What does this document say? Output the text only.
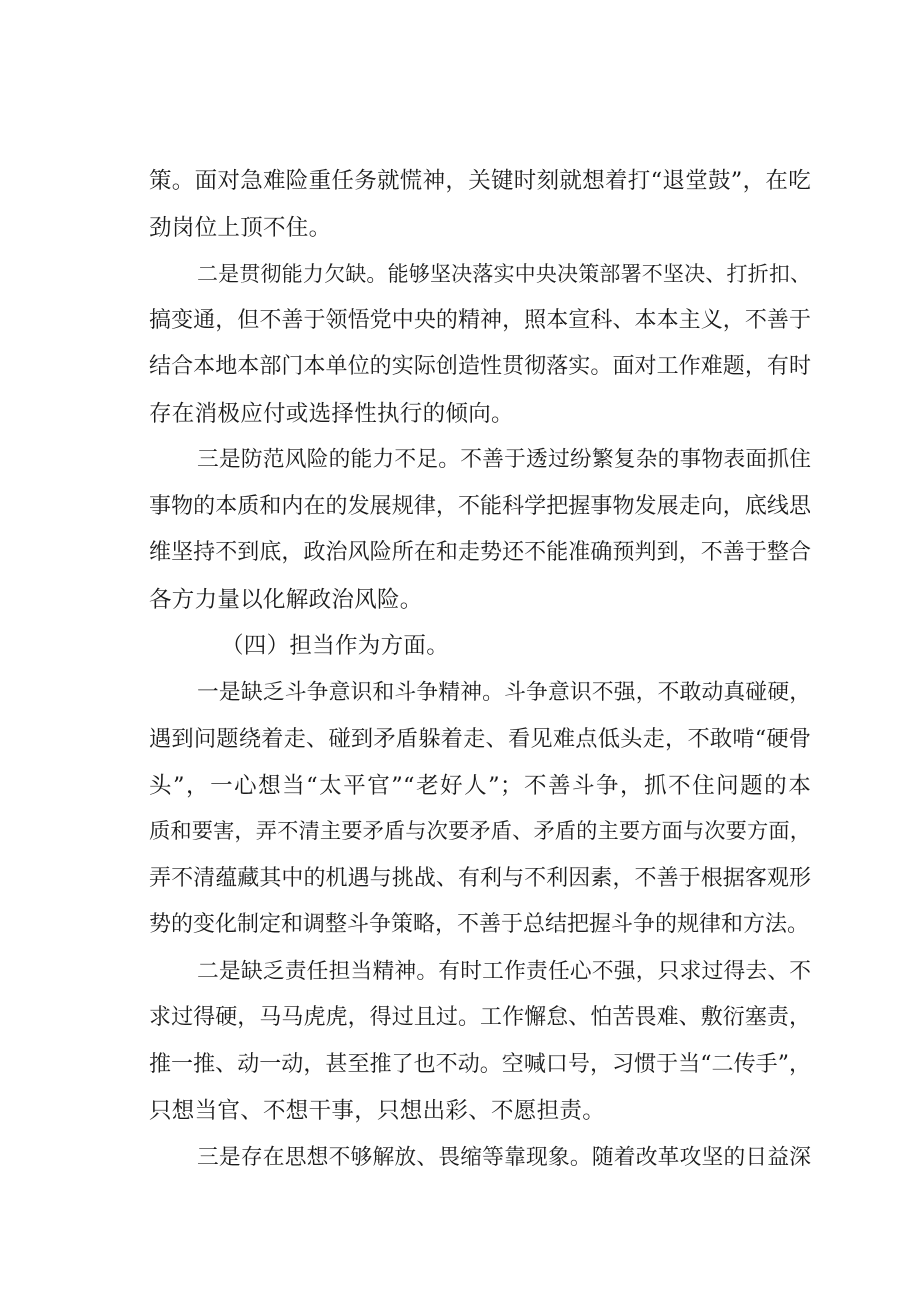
策。面对急难险重任务就慌神，关键时刻就想着打“退堂鼓”，在吃
劲岗位上顶不住。

二是贯彻能力欠缺。能够坚决落实中央决策部署不坚决、打折扣、
搞变通，但不善于领悟党中央的精神，照本宣科、本本主义，不善于
结合本地本部门本单位的实际创造性贯彻落实。面对工作难题，有时
存在消极应付或选择性执行的倾向。

三是防范风险的能力不足。不善于透过纷繁复杂的事物表面抓住
事物的本质和内在的发展规律，不能科学把握事物发展走向，底线思
维坚持不到底，政治风险所在和走势还不能准确预判到，不善于整合
各方力量以化解政治风险。

（四）担当作为方面。

一是缺乏斗争意识和斗争精神。斗争意识不强，不敢动真碰硬，
遇到问题绕着走、碰到矛盾躲着走、看见难点低头走，不敢啃“硬骨
头”，一心想当“太平官”“老好人”；不善斗争，抓不住问题的本
质和要害，弄不清主要矛盾与次要矛盾、矛盾的主要方面与次要方面，
弄不清蕴藏其中的机遇与挑战、有利与不利因素，不善于根据客观形
势的变化制定和调整斗争策略，不善于总结把握斗争的规律和方法。

二是缺乏责任担当精神。有时工作责任心不强，只求过得去、不
求过得硬，马马虎虎，得过且过。工作懈怠、怕苦畏难、敷衍塞责，
推一推、动一动，甚至推了也不动。空喊口号，习惯于当“二传手”，
只想当官、不想干事，只想出彩、不愿担责。

三是存在思想不够解放、畏缩等靠现象。随着改革攻坚的日益深
